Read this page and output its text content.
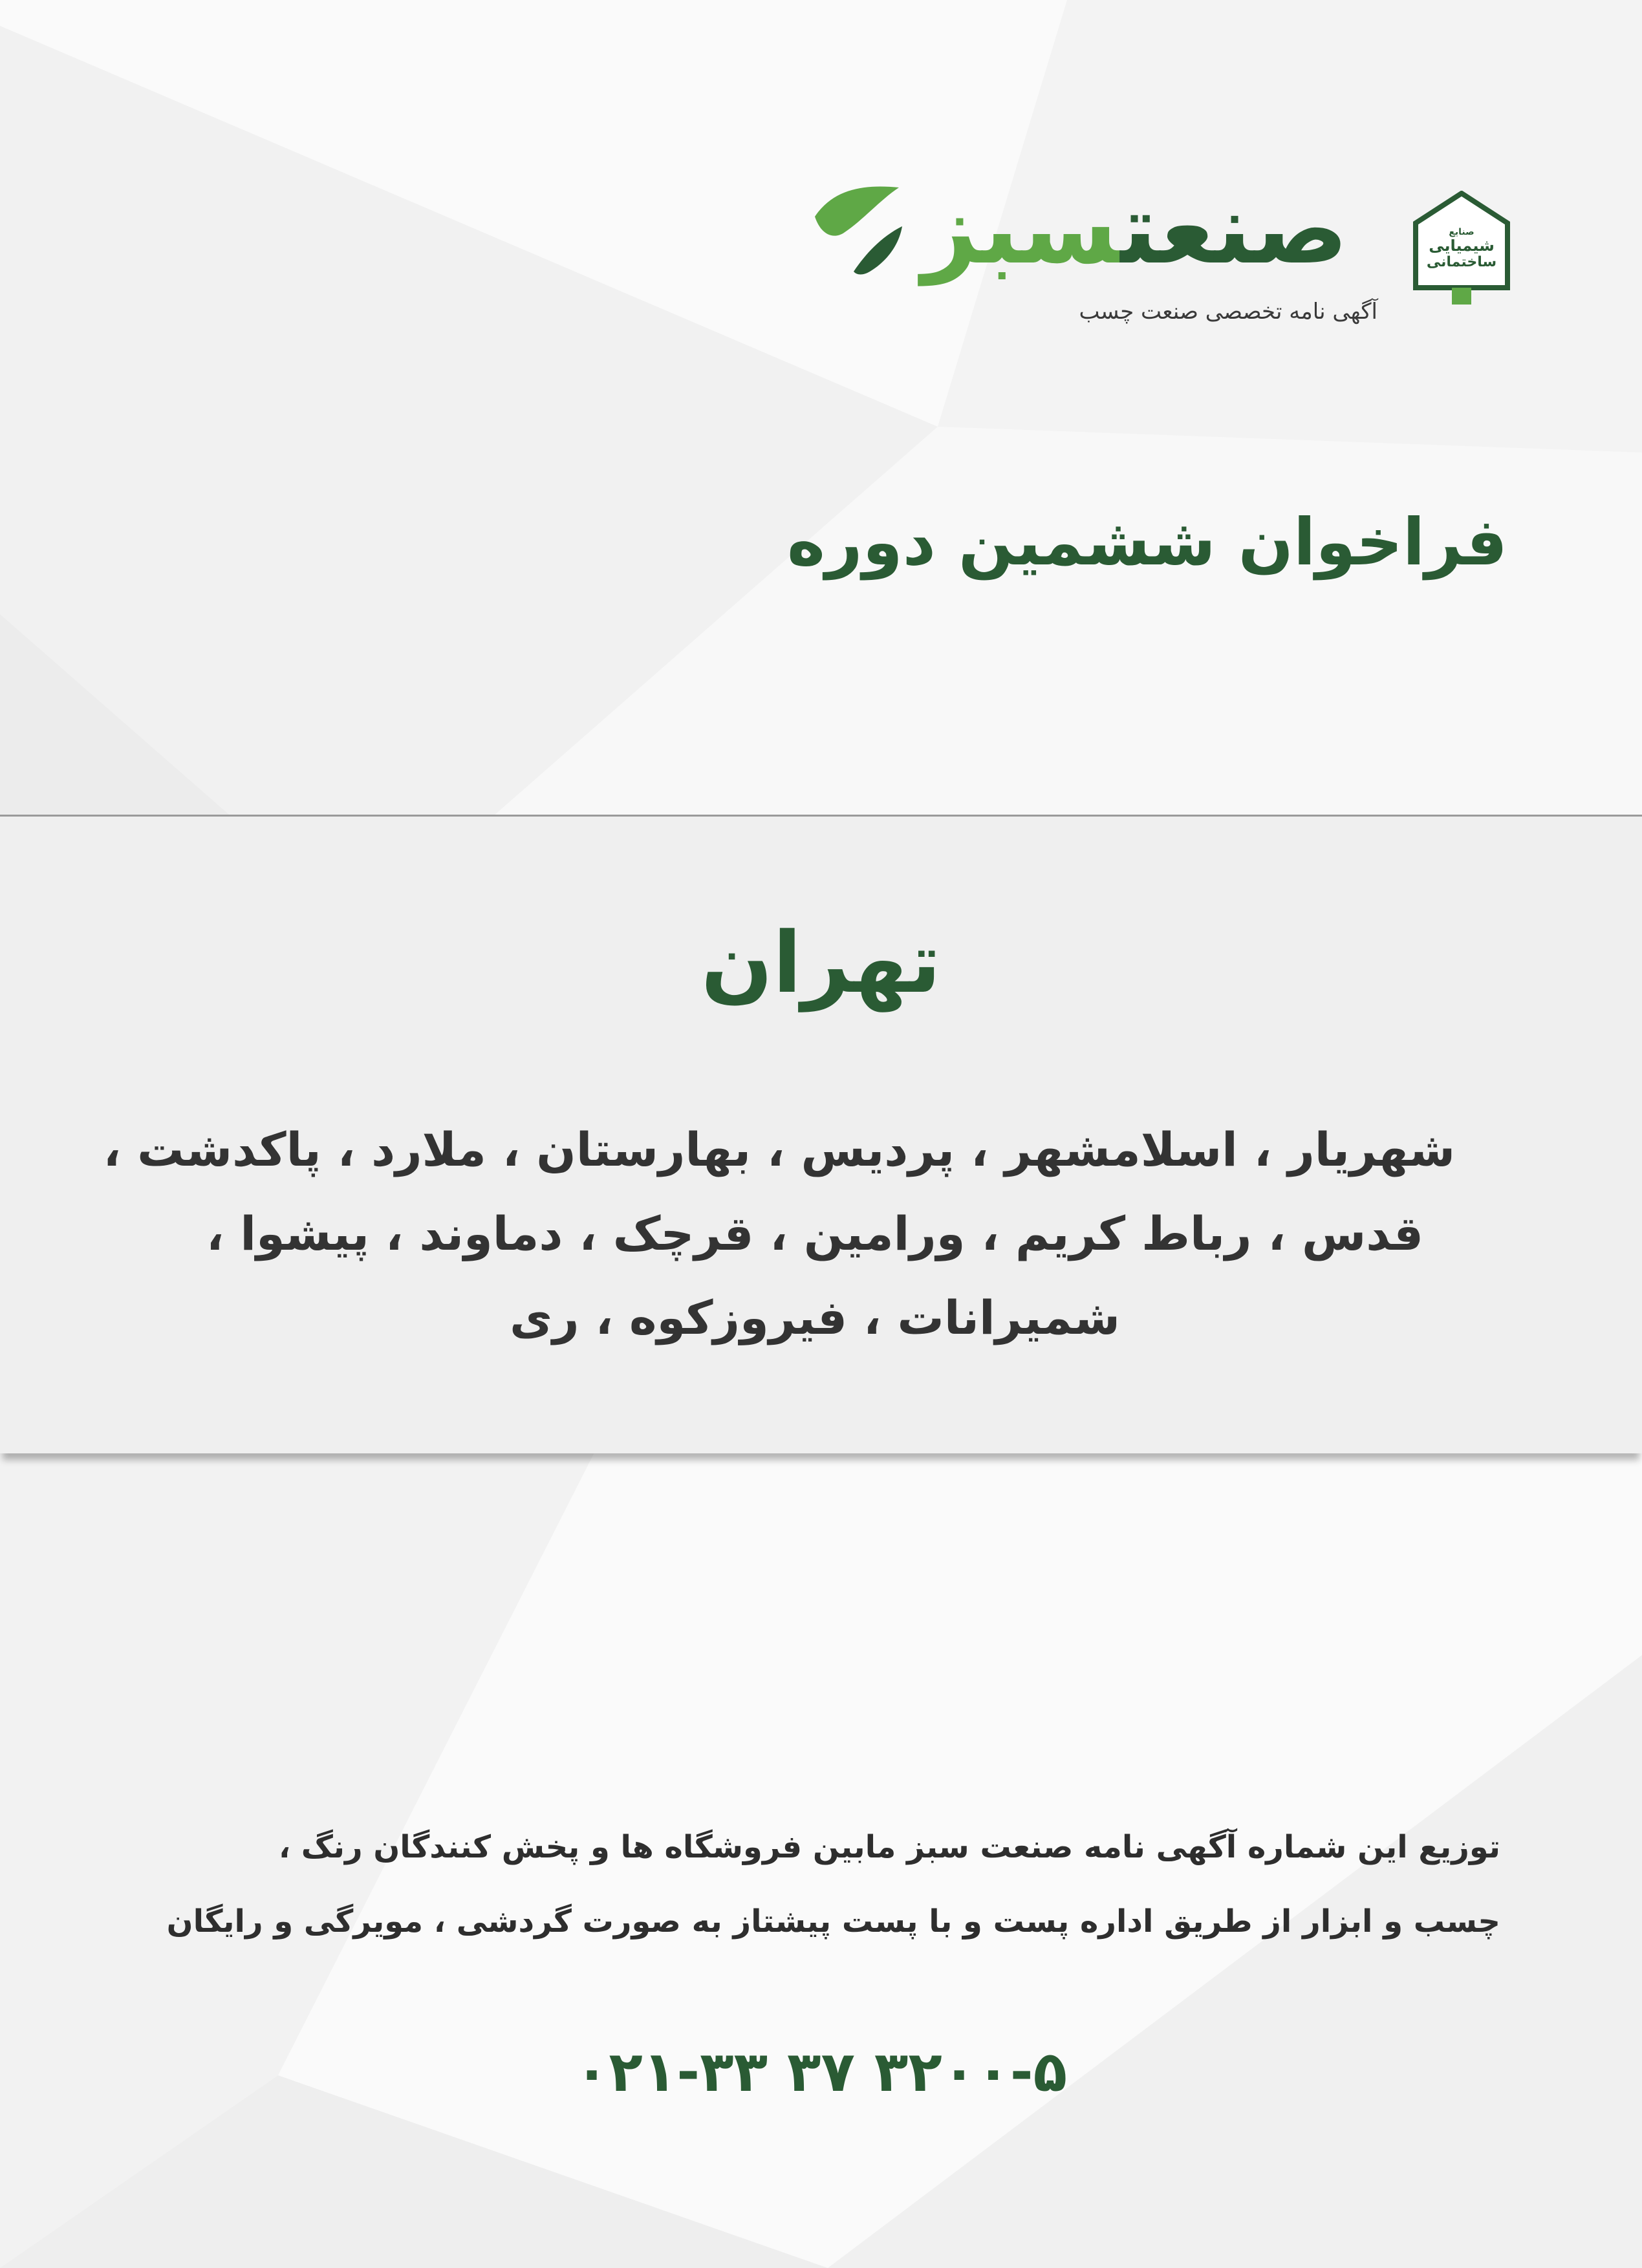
صنعتسبز	صنایع
شیمیایی
ساختمانی
آگهی نامه تخصصی صنعت چسب
فراخوان ششمین دوره
تهران
شهریار ، اسلامشهر ، پردیس ، بهارستان ، ملارد ، پاکدشت ،
قدس ، رباط کریم ، ورامین ، قرچک ، دماوند ، پیشوا ،
شمیرانات ، فیروزکوه ، ری
توزیع این شماره آگهی نامه صنعت سبز مابین فروشگاه ها و پخش کنندگان رنگ ،
چسب و ابزار از طریق اداره پست و با پست پیشتاز به صورت گردشی ، مویرگی و رایگان
۰۲۱-۳۳ ۳۷ ۳۲۰۰-۵
